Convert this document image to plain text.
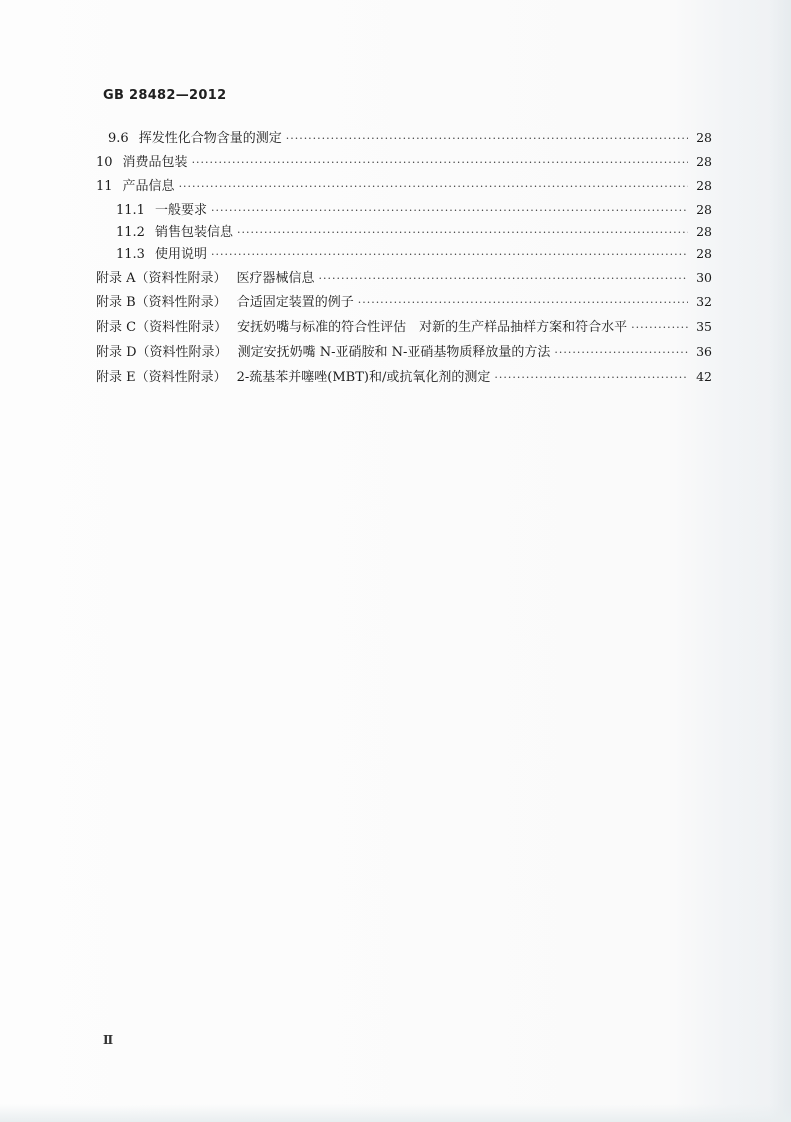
GB 28482—2012
9.6 挥发性化合物含量的测定 ·····	28
10 消费品包装 ·····	28
11 产品信息 ·····	28
11.1 一般要求 ·····	28
11.2 销售包装信息 ·····	28
11.3 使用说明 ·····	28
附录 A（资料性附录） 医疗器械信息 ·····	30
附录 B（资料性附录） 合适固定装置的例子 ·····	32
附录 C（资料性附录） 安抚奶嘴与标准的符合性评估　对新的生产样品抽样方案和符合水平 ·····	35
附录 D（资料性附录） 测定安抚奶嘴 N-亚硝胺和 N-亚硝基物质释放量的方法 ·····	36
附录 E（资料性附录） 2-巯基苯并噻唑(MBT)和/或抗氧化剂的测定 ·····	42
Ⅱ
